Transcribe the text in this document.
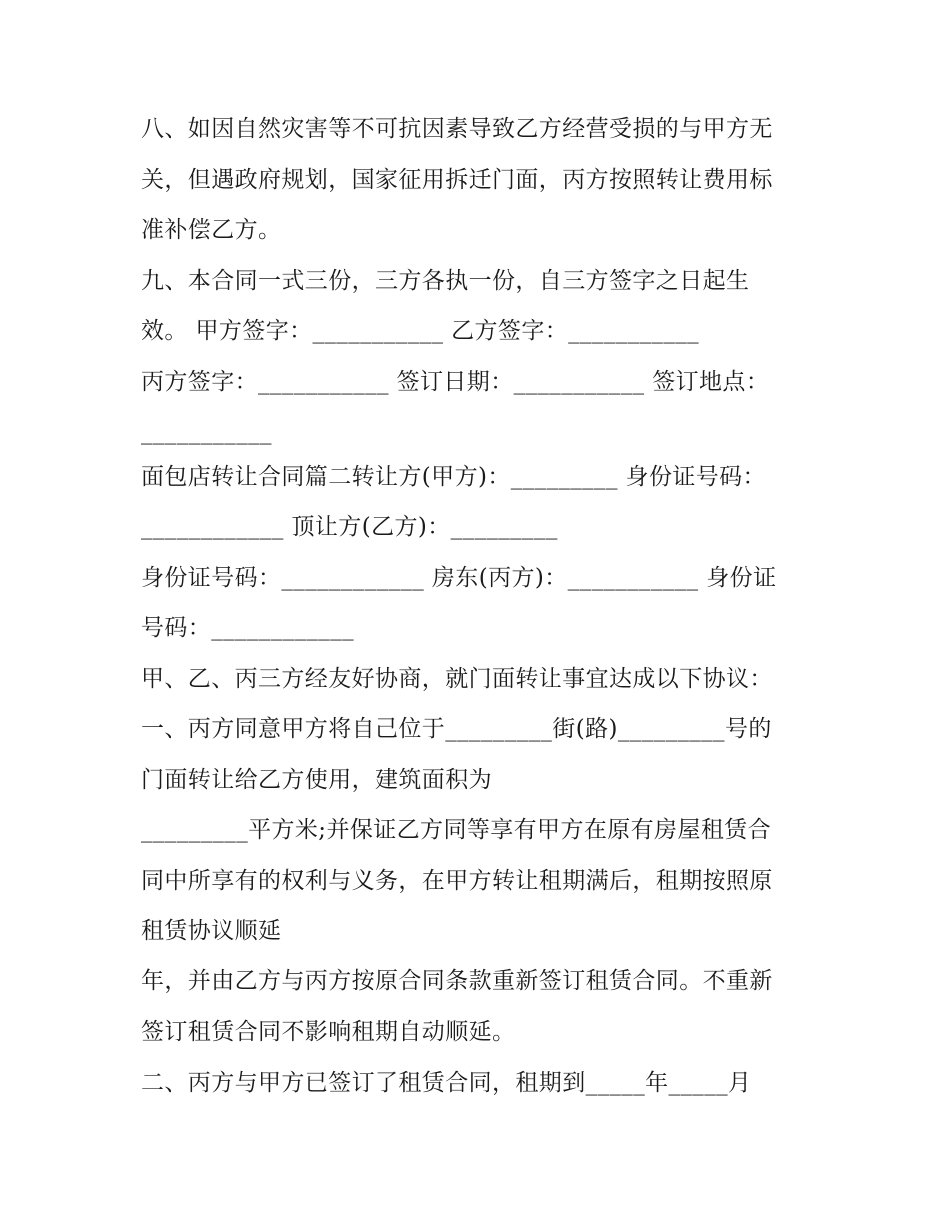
八、如因自然灾害等不可抗因素导致乙方经营受损的与甲方无
关，但遇政府规划，国家征用拆迁门面，丙方按照转让费用标
准补偿乙方。
九、本合同一式三份，三方各执一份，自三方签字之日起生
效。 甲方签字：___________ 乙方签字：___________
丙方签字：___________ 签订日期：___________ 签订地点：
___________
面包店转让合同篇二转让方(甲方)：_________ 身份证号码：
____________ 顶让方(乙方)：_________
身份证号码：____________ 房东(丙方)：___________ 身份证
号码：____________
甲、乙、丙三方经友好协商，就门面转让事宜达成以下协议：
一、丙方同意甲方将自己位于_________街(路)_________号的
门面转让给乙方使用，建筑面积为
_________平方米;并保证乙方同等享有甲方在原有房屋租赁合
同中所享有的权利与义务，在甲方转让租期满后，租期按照原
租赁协议顺延
年，并由乙方与丙方按原合同条款重新签订租赁合同。不重新
签订租赁合同不影响租期自动顺延。
二、丙方与甲方已签订了租赁合同，租期到_____年_____月
